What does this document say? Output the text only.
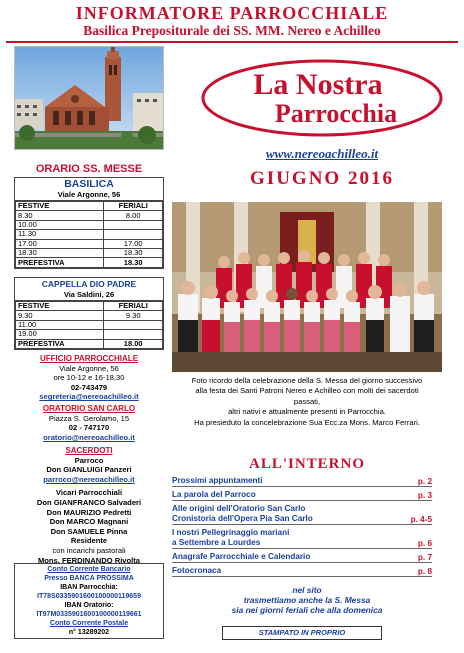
INFORMATORE PARROCCHIALE
Basilica Prepositurale dei SS. MM. Nereo e Achilleo
La Nostra
Parrocchia
www.nereoachilleo.it
GIUGNO 2016
ORARIO SS. MESSE
BASILICA
Viale Argonne, 56
FESTIVE	FERIALI
8.30	8.00
10.00	
11.30	
17.00	17.00
18.30	18.30
PREFESTIVA	18.30
CAPPELLA DIO PADRE
Via Saldini, 26
FESTIVE	FERIALI
9.30	9.30
11.00	
19.00	
PREFESTIVA	18.00
UFFICIO PARROCCHIALE
Viale Argonne, 56
ore 10-12 e 16-18,30
02-743479
segreteria@nereoachilleo.it
ORATORIO SAN CARLO
Piazza S. Gerolamo, 15
02 - 747170
oratorio@nereoachilleo.it
SACERDOTI
Parroco
Don GIANLUIGI Panzeri
parroco@nereoachilleo.it
Vicari Parrocchiali
Don GIANFRANCO Salvaderi
Don MAURIZIO Pedretti
Don MARCO Magnani
Don SAMUELE Pinna
Residente
con incarichi pastorali
Mons. FERDINANDO Rivolta
Conto Corrente Bancario
Presso BANCA PROSSIMA
IBAN Parrocchia:
IT78S0335901600100000119659
IBAN Oratorio:
IT97M0335901600100000119661
Conto Corrente Postale
n° 13289202
Foto ricordo della celebrazione della S. Messa del giorno successivo
alla festa dei Santi Patroni Nereo e Achilleo con molti dei sacerdoti
passati,
altri nativi e attualmente presenti in Parrocchia.
Ha presieduto la concelebrazione Sua Ecc.za Mons. Marco Ferrari.
ALL'INTERNO
Prossimi appuntamenti	p. 2
La parola del Parroco	p. 3
Alle origini dell'Oratorio San Carlo
Cronistoria dell'Opera Pia San Carlo	p. 4-5
I nostri Pellegrinaggio mariani
a Settembre a Lourdes	p. 6
Anagrafe Parrocchiale e Calendario	p. 7
Fotocronaca	p. 8
nel sito
trasmettiamo anche la S. Messa
sia nei giorni feriali che alla domenica
STAMPATO IN PROPRIO
